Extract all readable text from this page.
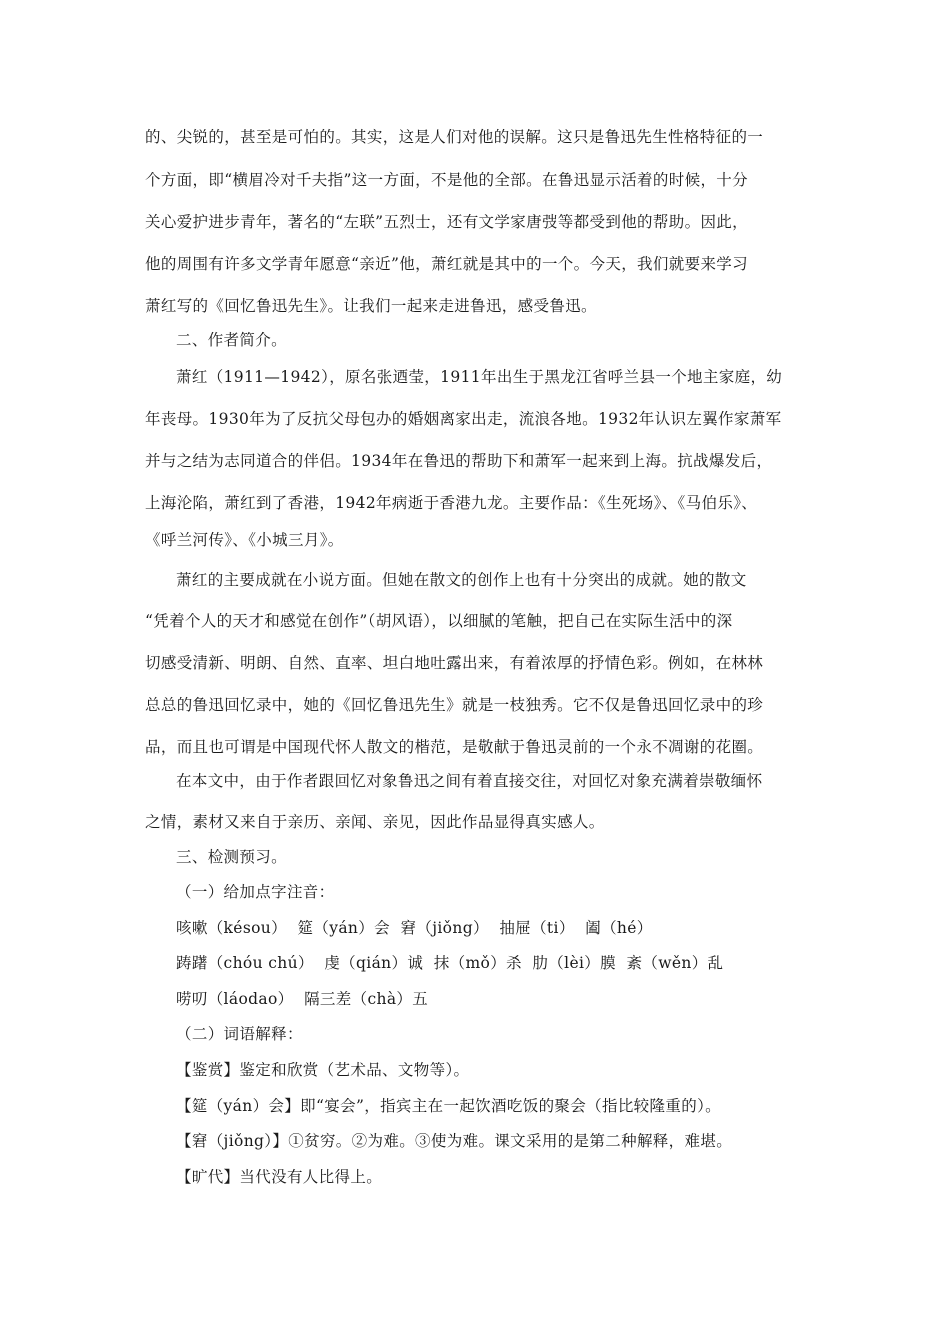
的、尖锐的，甚至是可怕的。其实，这是人们对他的误解。这只是鲁迅先生性格特征的一
个方面，即“横眉冷对千夫指”这一方面，不是他的全部。在鲁迅显示活着的时候，十分
关心爱护进步青年，著名的“左联”五烈士，还有文学家唐弢等都受到他的帮助。因此，
他的周围有许多文学青年愿意“亲近”他，萧红就是其中的一个。今天，我们就要来学习
萧红写的《回忆鲁迅先生》。让我们一起来走进鲁迅，感受鲁迅。
二、作者简介。
萧红（1911—1942），原名张迺莹，1911年出生于黑龙江省呼兰县一个地主家庭，幼
年丧母。1930年为了反抗父母包办的婚姻离家出走，流浪各地。1932年认识左翼作家萧军
并与之结为志同道合的伴侣。1934年在鲁迅的帮助下和萧军一起来到上海。抗战爆发后，
上海沦陷，萧红到了香港，1942年病逝于香港九龙。主要作品：《生死场》、《马伯乐》、
《呼兰河传》、《小城三月》。
萧红的主要成就在小说方面。但她在散文的创作上也有十分突出的成就。她的散文
“凭着个人的天才和感觉在创作”（胡风语），以细腻的笔触，把自己在实际生活中的深
切感受清新、明朗、自然、直率、坦白地吐露出来，有着浓厚的抒情色彩。例如，在林林
总总的鲁迅回忆录中，她的《回忆鲁迅先生》就是一枝独秀。它不仅是鲁迅回忆录中的珍
品，而且也可谓是中国现代怀人散文的楷范，是敬献于鲁迅灵前的一个永不凋谢的花圈。
在本文中，由于作者跟回忆对象鲁迅之间有着直接交往，对回忆对象充满着崇敬缅怀
之情，素材又来自于亲历、亲闻、亲见，因此作品显得真实感人。
三、检测预习。
（一）给加点字注音：
咳嗽（késou）  筵（yán）会  窘（jiǒng）  抽屉（ti）  阖（hé）
踌躇（chóu chú）  虔（qián）诚  抹（mǒ）杀  肋（lèi）膜  紊（wěn）乱
唠叨（láodao）  隔三差（chà）五
（二）词语解释：
【鉴赏】鉴定和欣赏（艺术品、文物等）。
【筵（yán）会】即“宴会”，指宾主在一起饮酒吃饭的聚会（指比较隆重的）。
【窘（jiǒng）】①贫穷。②为难。③使为难。课文采用的是第二种解释，难堪。
【旷代】当代没有人比得上。
